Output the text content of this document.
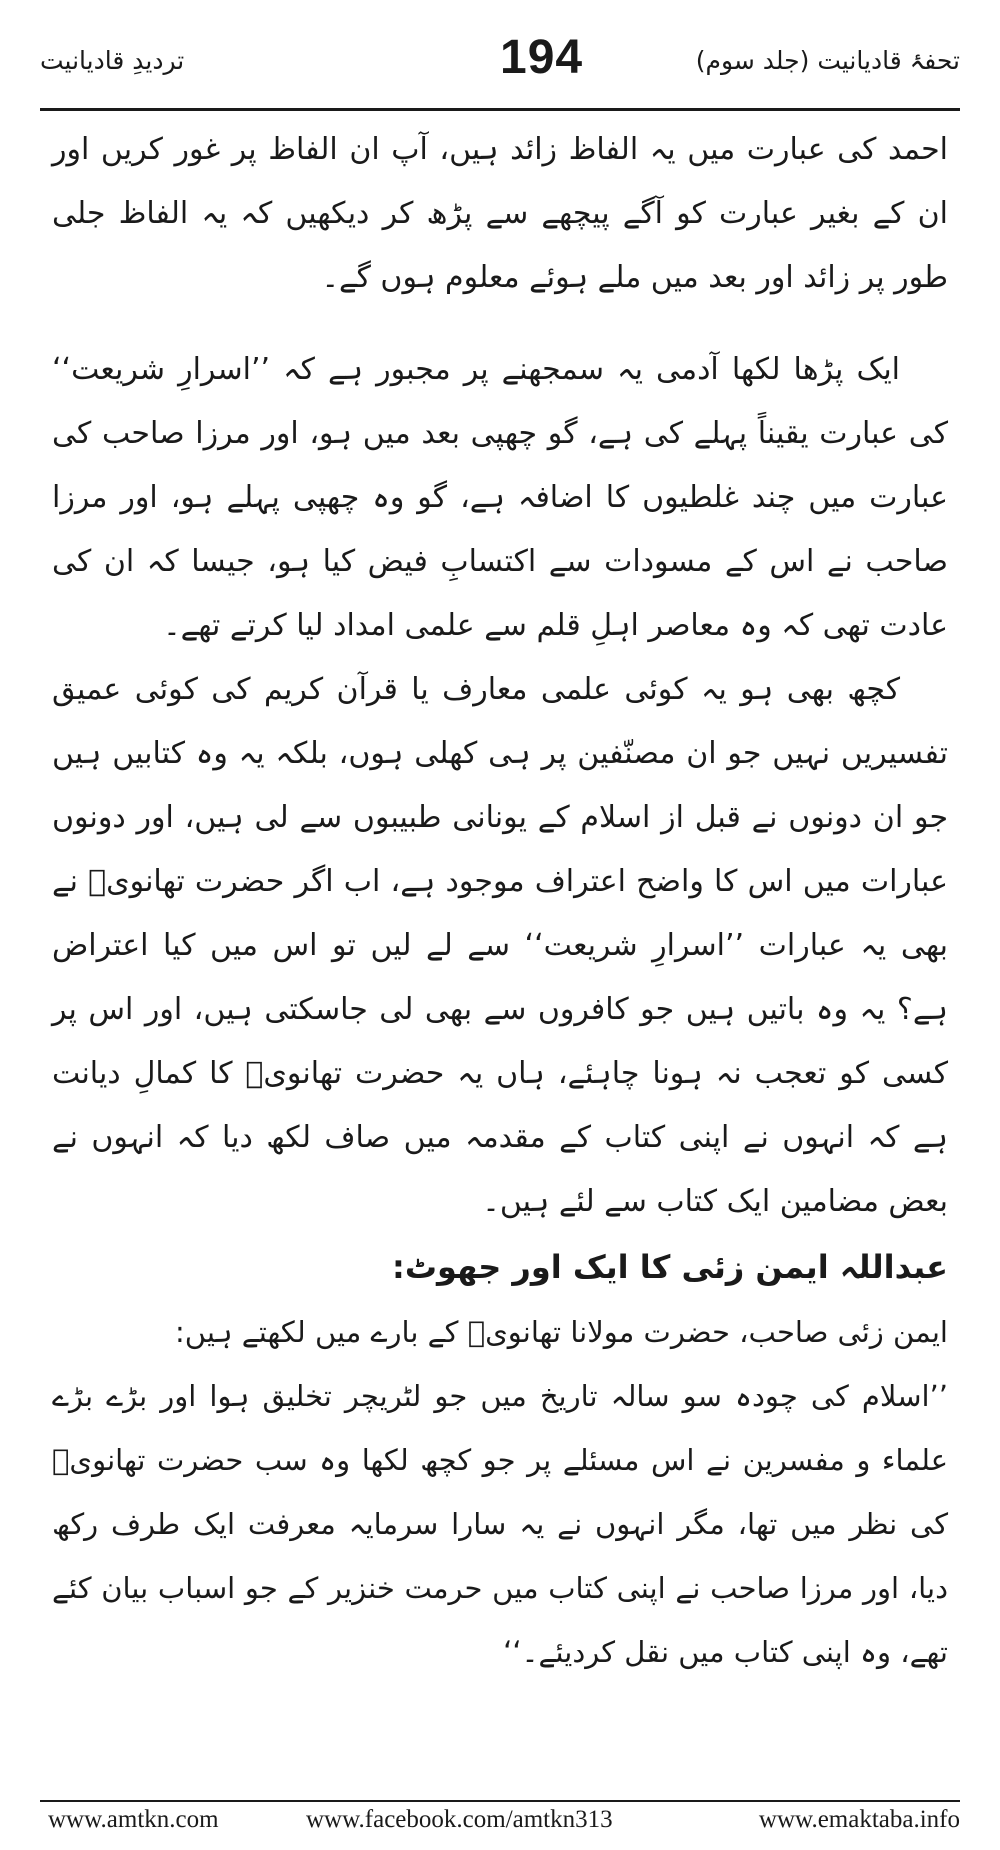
تردیدِ قادیانیت	194	تحفۂ قادیانیت (جلد سوم)

احمد کی عبارت میں یہ الفاظ زائد ہیں، آپ ان الفاظ پر غور کریں اور ان کے بغیر عبارت کو آگے پیچھے سے پڑھ کر دیکھیں کہ یہ الفاظ جلی طور پر زائد اور بعد میں ملے ہوئے معلوم ہوں گے۔

ایک پڑھا لکھا آدمی یہ سمجھنے پر مجبور ہے کہ ’’اسرارِ شریعت‘‘ کی عبارت یقیناً پہلے کی ہے، گو چھپی بعد میں ہو، اور مرزا صاحب کی عبارت میں چند غلطیوں کا اضافہ ہے، گو وہ چھپی پہلے ہو، اور مرزا صاحب نے اس کے مسودات سے اکتسابِ فیض کیا ہو، جیسا کہ ان کی عادت تھی کہ وہ معاصر اہلِ قلم سے علمی امداد لیا کرتے تھے۔

کچھ بھی ہو یہ کوئی علمی معارف یا قرآن کریم کی کوئی عمیق تفسیریں نہیں جو ان مصنّفین پر ہی کھلی ہوں، بلکہ یہ وہ کتابیں ہیں جو ان دونوں نے قبل از اسلام کے یونانی طبیبوں سے لی ہیں، اور دونوں عبارات میں اس کا واضح اعتراف موجود ہے، اب اگر حضرت تھانویؒ نے بھی یہ عبارات ’’اسرارِ شریعت‘‘ سے لے لیں تو اس میں کیا اعتراض ہے؟ یہ وہ باتیں ہیں جو کافروں سے بھی لی جاسکتی ہیں، اور اس پر کسی کو تعجب نہ ہونا چاہئے، ہاں یہ حضرت تھانویؒ کا کمالِ دیانت ہے کہ انہوں نے اپنی کتاب کے مقدمہ میں صاف لکھ دیا کہ انہوں نے بعض مضامین ایک کتاب سے لئے ہیں۔

عبداللہ ایمن زئی کا ایک اور جھوٹ:

ایمن زئی صاحب، حضرت مولانا تھانویؒ کے بارے میں لکھتے ہیں:

’’اسلام کی چودہ سو سالہ تاریخ میں جو لٹریچر تخلیق ہوا اور بڑے بڑے علماء و مفسرین نے اس مسئلے پر جو کچھ لکھا وہ سب حضرت تھانویؒ کی نظر میں تھا، مگر انہوں نے یہ سارا سرمایہ معرفت ایک طرف رکھ دیا، اور مرزا صاحب نے اپنی کتاب میں حرمت خنزیر کے جو اسباب بیان کئے تھے، وہ اپنی کتاب میں نقل کردیئے۔‘‘

www.amtkn.com	www.facebook.com/amtkn313	www.emaktaba.info
